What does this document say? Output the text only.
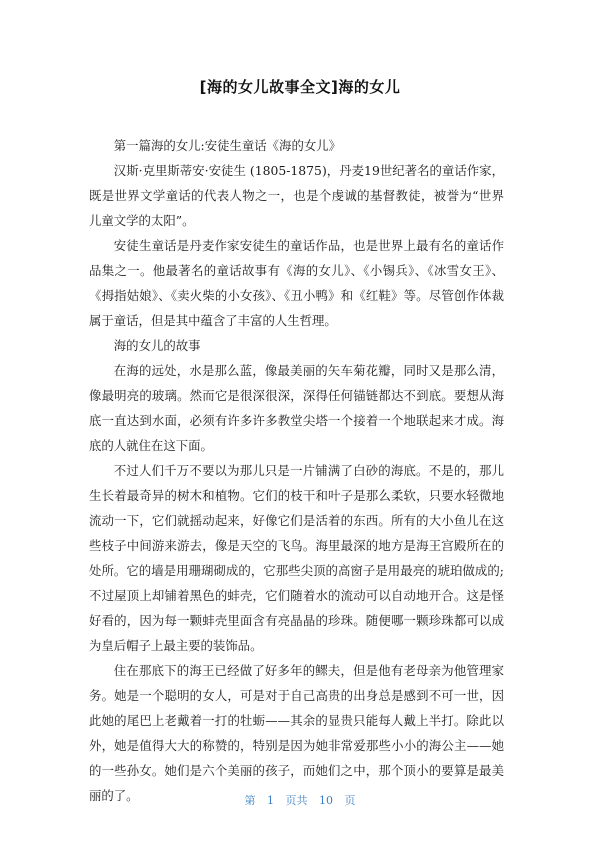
[海的女儿故事全文]海的女儿

第一篇海的女儿:安徒生童话《海的女儿》

汉斯·克里斯蒂安·安徒生 (1805-1875)，丹麦19世纪著名的童话作家，既是世界文学童话的代表人物之一，也是个虔诚的基督教徒，被誉为“世界儿童文学的太阳”。

安徒生童话是丹麦作家安徒生的童话作品，也是世界上最有名的童话作品集之一。他最著名的童话故事有《海的女儿》、《小锡兵》、《冰雪女王》、《拇指姑娘》、《卖火柴的小女孩》、《丑小鸭》和《红鞋》等。尽管创作体裁属于童话，但是其中蕴含了丰富的人生哲理。

海的女儿的故事

在海的远处，水是那么蓝，像最美丽的矢车菊花瓣，同时又是那么清，像最明亮的玻璃。然而它是很深很深，深得任何锚链都达不到底。要想从海底一直达到水面，必须有许多许多教堂尖塔一个接着一个地联起来才成。海底的人就住在这下面。

不过人们千万不要以为那儿只是一片铺满了白砂的海底。不是的，那儿生长着最奇异的树木和植物。它们的枝干和叶子是那么柔软，只要水轻微地流动一下，它们就摇动起来，好像它们是活着的东西。所有的大小鱼儿在这些枝子中间游来游去，像是天空的飞鸟。海里最深的地方是海王宫殿所在的处所。它的墙是用珊瑚砌成的，它那些尖顶的高窗子是用最亮的琥珀做成的;不过屋顶上却铺着黑色的蚌壳，它们随着水的流动可以自动地开合。这是怪好看的，因为每一颗蚌壳里面含有亮晶晶的珍珠。随便哪一颗珍珠都可以成为皇后帽子上最主要的装饰品。

住在那底下的海王已经做了好多年的鳏夫，但是他有老母亲为他管理家务。她是一个聪明的女人，可是对于自己高贵的出身总是感到不可一世，因此她的尾巴上老戴着一打的牡蛎——其余的显贵只能每人戴上半打。除此以外，她是值得大大的称赞的，特别是因为她非常爱那些小小的海公主——她的一些孙女。她们是六个美丽的孩子，而她们之中，那个顶小的要算是最美丽的了。	第 1 页共 10 页
